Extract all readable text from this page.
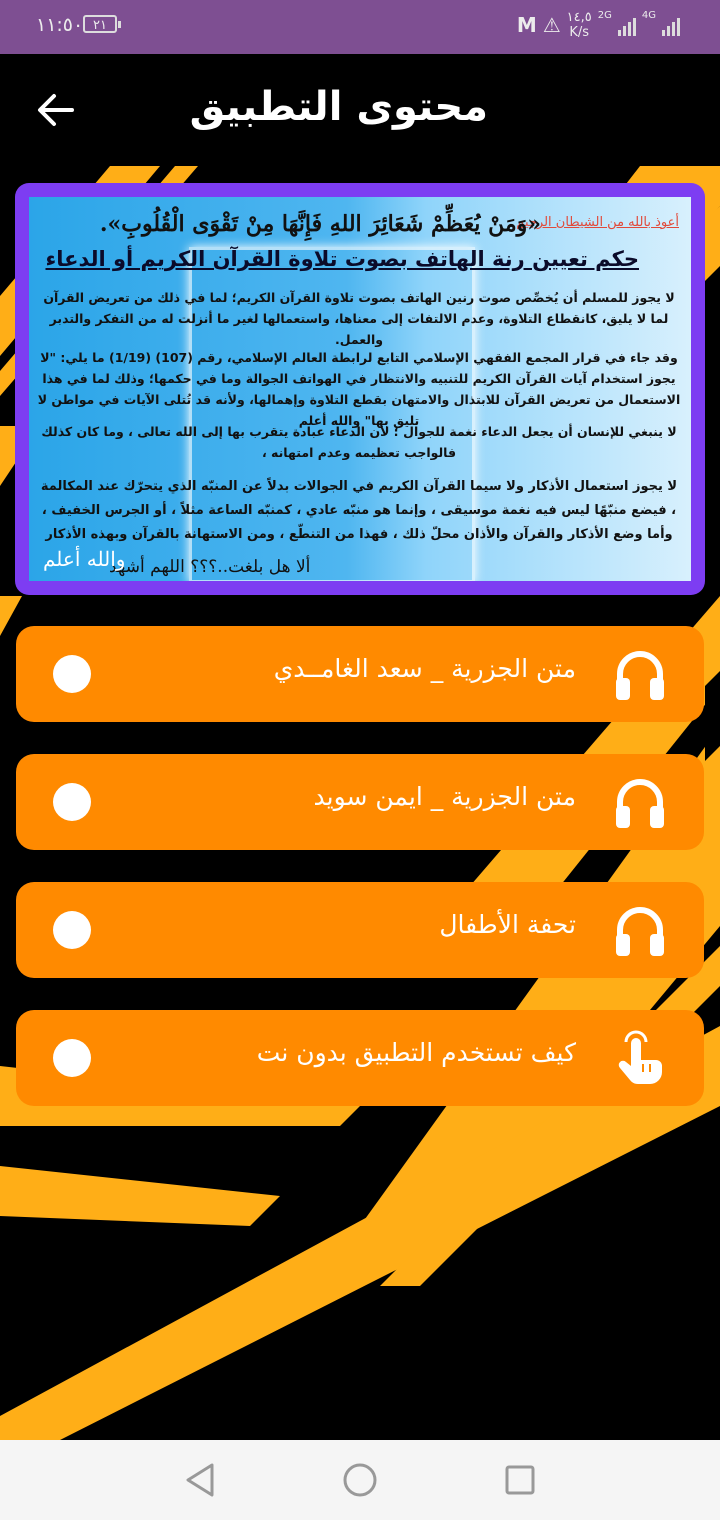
١١:٥٠ ٢١	M ⚠ ١٤,٥
K/s
2G	4G
محتوى التطبيق
أعوذ بالله من الشيطان الرجيم
«وَمَنْ يُعَظِّمْ شَعَائِرَ اللهِ فَإِنَّهَا مِنْ تَقْوَى الْقُلُوبِ».
حكم تعيين رنة الهاتف بصوت تلاوة القرآن الكريم أو الدعاء
لا يجوز للمسلم أن يُخصِّص صوت رنين الهاتف بصوت تلاوة القرآن الكريم؛ لما في ذلك من تعريض القرآن لما لا يليق، كانقطاع التلاوة، وعدم الالتفات إلى معناها، واستعمالها لغير ما أنزلت له من التفكر والتدبر والعمل.
وقد جاء في قرار المجمع الفقهي الإسلامي التابع لرابطة العالم الإسلامي، رقم (107) (1/19) ما يلي: "لا يجوز استخدام آيات القرآن الكريم للتنبيه والانتظار في الهواتف الجوالة وما في حكمها؛ وذلك لما في هذا الاستعمال من تعريض القرآن للابتذال والامتهان بقطع التلاوة وإهمالها، ولأنه قد تُتلى الآيات في مواطن لا تليق بها" والله أعلم
لا ينبغي للإنسان أن يجعل الدعاء نغمة للجوال ؛ لأن الدعاء عبادة يتقرب بها إلى الله تعالى ، وما كان كذلك فالواجب تعظيمه وعدم امتهانه ،
لا يجوز استعمال الأذكار ولا سيما القرآن الكريم في الجوالات بدلاً عن المنبّه الذي يتحرّك عند المكالمة ، فيضع منبّهًا ليس فيه نغمة موسيقى ، وإنما هو منبّه عادي ، كمنبّه الساعة مثلاً ، أو الجرس الخفيف ، وأما وضع الأذكار والقرآن والأذان محلّ ذلك ، فهذا من التنطّع ، ومن الاستهانة بالقرآن وبهذه الأذكار
ألا هل بلغت..؟؟؟ اللهم أشهد
والله أعلم
متن الجزرية _ سعد الغامــدي
متن الجزرية _ ايمن سويد
تحفة الأطفال
كيف تستخدم التطبيق بدون نت
